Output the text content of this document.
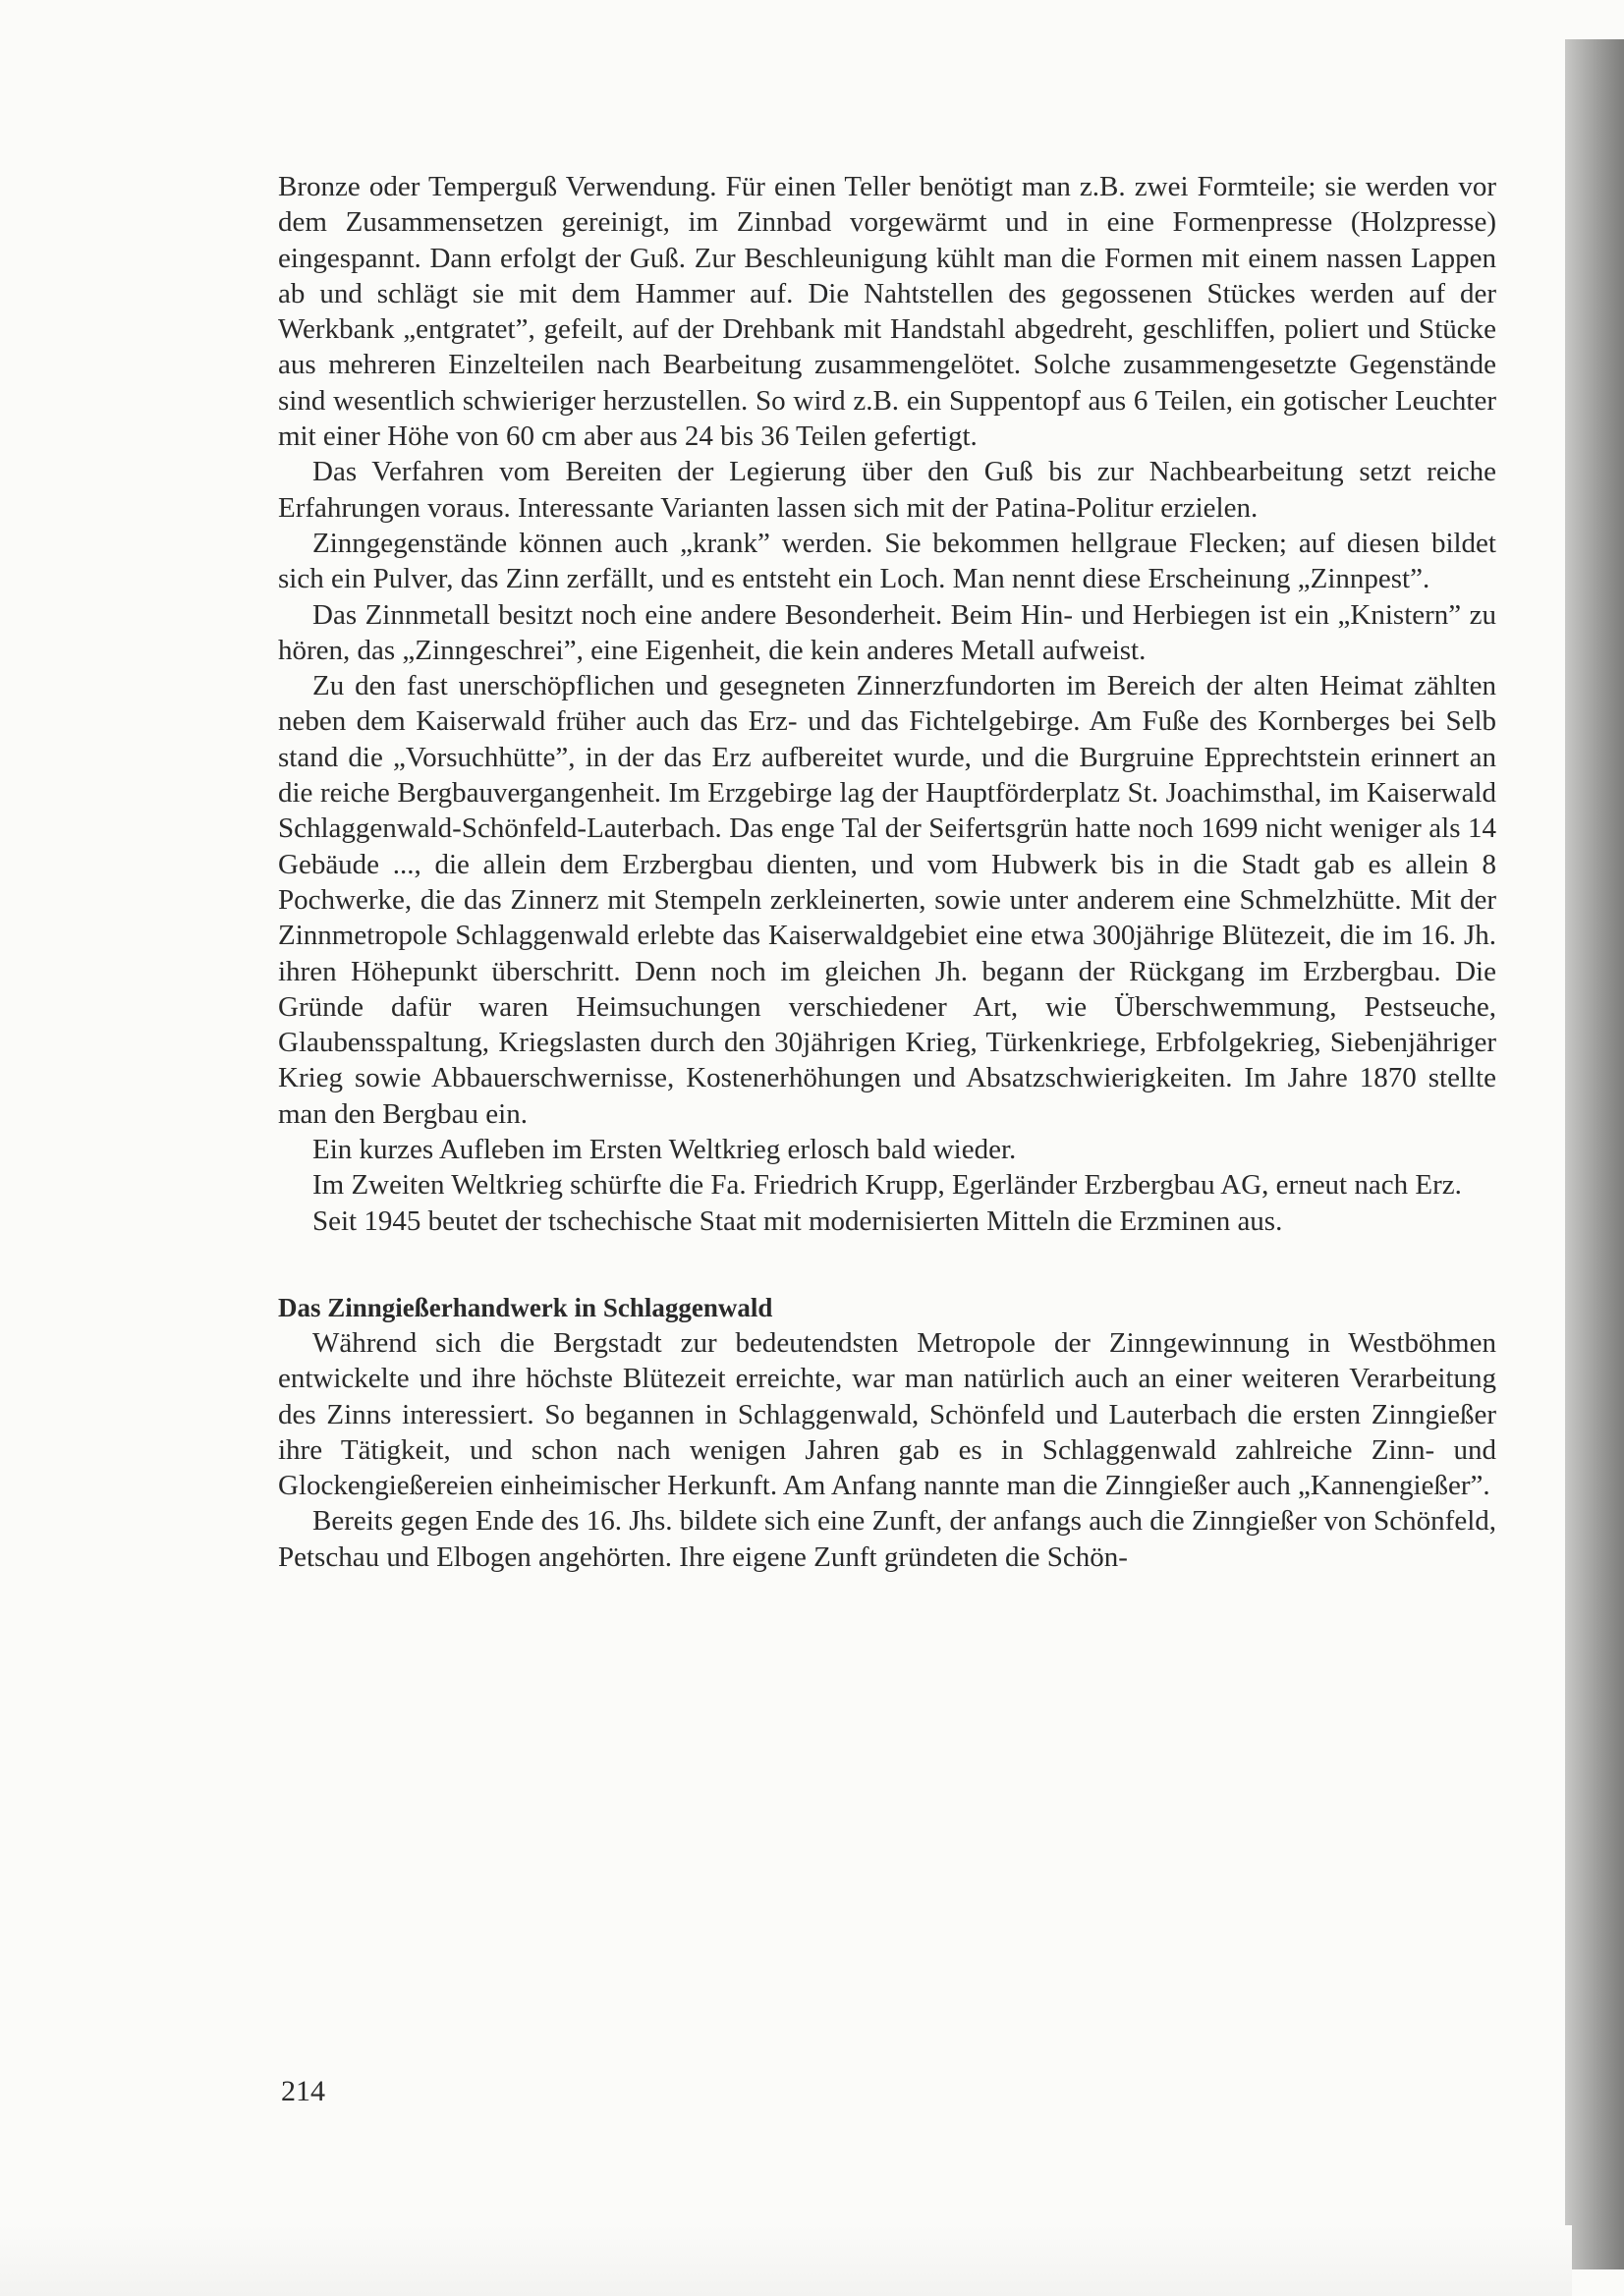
Bronze oder Temperguß Verwendung. Für einen Teller benötigt man z.B. zwei Formteile; sie werden vor dem Zusammensetzen gereinigt, im Zinnbad vorgewärmt und in eine Formenpresse (Holzpresse) eingespannt. Dann erfolgt der Guß. Zur Beschleunigung kühlt man die Formen mit einem nassen Lappen ab und schlägt sie mit dem Hammer auf. Die Nahtstellen des gegossenen Stückes werden auf der Werkbank „entgratet”, gefeilt, auf der Drehbank mit Handstahl abgedreht, geschliffen, poliert und Stücke aus mehreren Einzelteilen nach Bearbeitung zusammengelötet. Solche zusammengesetzte Gegenstände sind wesentlich schwieriger herzustellen. So wird z.B. ein Suppentopf aus 6 Teilen, ein gotischer Leuchter mit einer Höhe von 60 cm aber aus 24 bis 36 Teilen gefertigt.

Das Verfahren vom Bereiten der Legierung über den Guß bis zur Nachbearbeitung setzt reiche Erfahrungen voraus. Interessante Varianten lassen sich mit der Patina-Politur erzielen.

Zinngegenstände können auch „krank” werden. Sie bekommen hellgraue Flecken; auf diesen bildet sich ein Pulver, das Zinn zerfällt, und es entsteht ein Loch. Man nennt diese Erscheinung „Zinnpest”.

Das Zinnmetall besitzt noch eine andere Besonderheit. Beim Hin- und Herbiegen ist ein „Knistern” zu hören, das „Zinngeschrei”, eine Eigenheit, die kein anderes Metall aufweist.

Zu den fast unerschöpflichen und gesegneten Zinnerzfundorten im Bereich der alten Heimat zählten neben dem Kaiserwald früher auch das Erz- und das Fichtelgebirge. Am Fuße des Kornberges bei Selb stand die „Vorsuchhütte”, in der das Erz aufbereitet wurde, und die Burgruine Epprechtstein erinnert an die reiche Bergbauvergangenheit. Im Erzgebirge lag der Hauptförderplatz St. Joachimsthal, im Kaiserwald Schlaggenwald-Schönfeld-Lauterbach. Das enge Tal der Seifertsgrün hatte noch 1699 nicht weniger als 14 Gebäude ..., die allein dem Erzbergbau dienten, und vom Hubwerk bis in die Stadt gab es allein 8 Pochwerke, die das Zinnerz mit Stempeln zerkleinerten, sowie unter anderem eine Schmelzhütte. Mit der Zinnmetropole Schlaggenwald erlebte das Kaiserwaldgebiet eine etwa 300jährige Blütezeit, die im 16. Jh. ihren Höhepunkt überschritt. Denn noch im gleichen Jh. begann der Rückgang im Erzbergbau. Die Gründe dafür waren Heimsuchungen verschiedener Art, wie Überschwemmung, Pestseuche, Glaubensspaltung, Kriegslasten durch den 30jährigen Krieg, Türkenkriege, Erbfolgekrieg, Siebenjähriger Krieg sowie Abbauerschwernisse, Kostenerhöhungen und Absatzschwierigkeiten. Im Jahre 1870 stellte man den Bergbau ein.

Ein kurzes Aufleben im Ersten Weltkrieg erlosch bald wieder.

Im Zweiten Weltkrieg schürfte die Fa. Friedrich Krupp, Egerländer Erzbergbau AG, erneut nach Erz.

Seit 1945 beutet der tschechische Staat mit modernisierten Mitteln die Erzminen aus.

Das Zinngießerhandwerk in Schlaggenwald

Während sich die Bergstadt zur bedeutendsten Metropole der Zinngewinnung in Westböhmen entwickelte und ihre höchste Blütezeit erreichte, war man natürlich auch an einer weiteren Verarbeitung des Zinns interessiert. So begannen in Schlaggenwald, Schönfeld und Lauterbach die ersten Zinngießer ihre Tätigkeit, und schon nach wenigen Jahren gab es in Schlaggenwald zahlreiche Zinn- und Glockengießereien einheimischer Herkunft. Am Anfang nannte man die Zinngießer auch „Kannengießer”.

Bereits gegen Ende des 16. Jhs. bildete sich eine Zunft, der anfangs auch die Zinngießer von Schönfeld, Petschau und Elbogen angehörten. Ihre eigene Zunft gründeten die Schön-

214
